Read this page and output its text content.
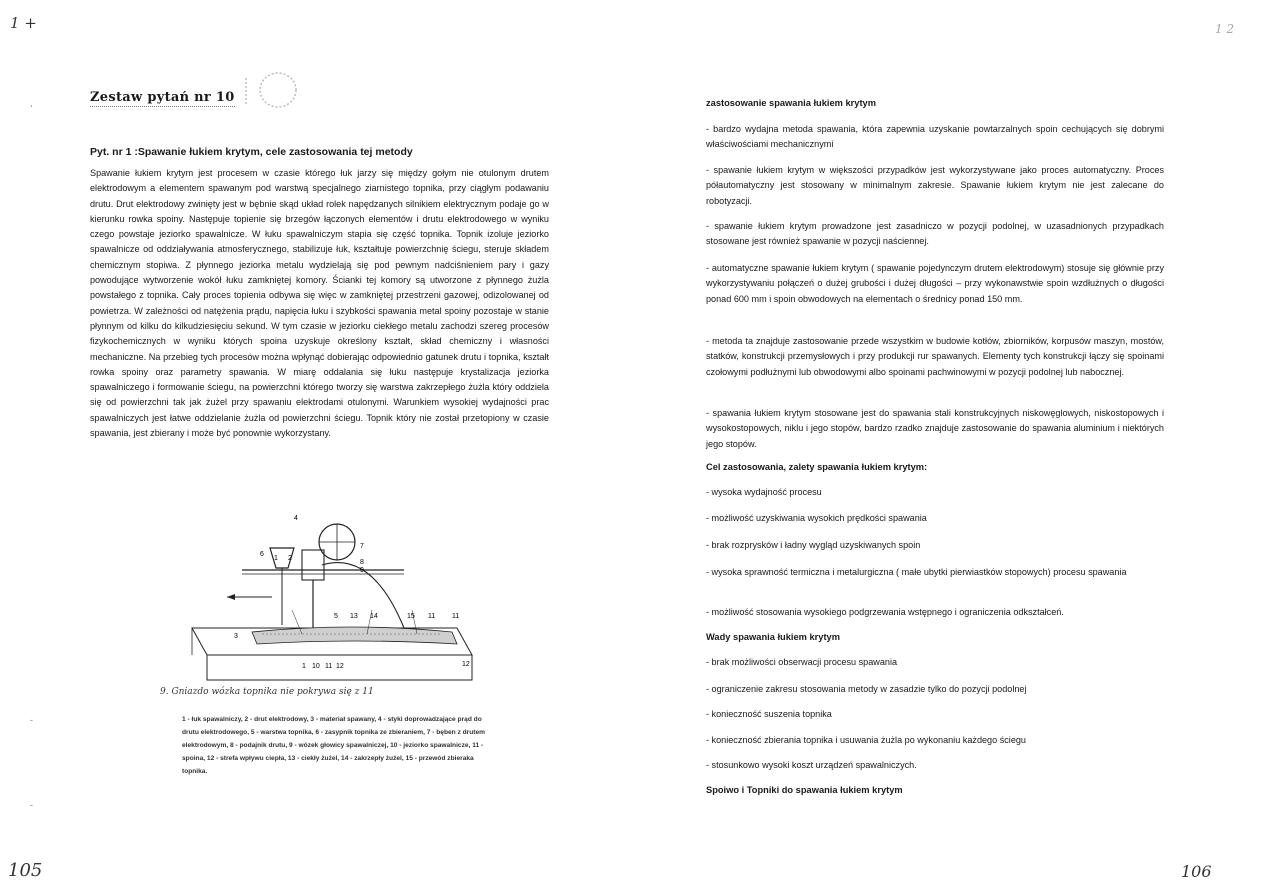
1 +
Zestaw pytań nr 10
Pyt. nr 1 :Spawanie łukiem krytym, cele zastosowania tej metody

Spawanie łukiem krytym jest procesem w czasie którego łuk jarzy się między gołym nie otulonym drutem elektrodowym a elementem spawanym pod warstwą specjalnego ziarnistego topnika, przy ciągłym podawaniu drutu. Drut elektrodowy zwinięty jest w bębnie skąd układ rolek napędzanych silnikiem elektrycznym podaje go w kierunku rowka spoiny. Następuje topienie się brzegów łączonych elementów i drutu elektrodowego w wyniku czego powstaje jeziorko spawalnicze. W łuku spawalniczym stapia się część topnika. Topnik izoluje jeziorko spawalnicze od oddziaływania atmosferycznego, stabilizuje łuk, kształtuje powierzchnię ściegu, steruje składem chemicznym stopiwa. Z płynnego jeziorka metalu wydzielają się pod pewnym nadciśnieniem pary i gazy powodujące wytworzenie wokół łuku zamkniętej komory. Ścianki tej komory są utworzone z płynnego żużla powstałego z topnika. Cały proces topienia odbywa się więc w zamkniętej przestrzeni gazowej, odizolowanej od powietrza. W zależności od natężenia prądu, napięcia łuku i szybkości spawania metal spoiny pozostaje w stanie płynnym od kilku do kilkudziesięciu sekund. W tym czasie w jeziorku ciekłego metalu zachodzi szereg procesów fizykochemicznych w wyniku których spoina uzyskuje określony kształt, skład chemiczny i własności mechaniczne. Na przebieg tych procesów można wpłynąć dobierając odpowiednio gatunek drutu i topnika, kształt rowka spoiny oraz parametry spawania. W miarę oddalania się łuku następuje krystalizacja jeziorka spawalniczego i formowanie ściegu, na powierzchni którego tworzy się warstwa zakrzepłego żużla który oddziela się od powierzchni tak jak żużel przy spawaniu elektrodami otulonymi. Warunkiem wysokiej wydajności prac spawalniczych jest łatwe oddzielanie żużla od powierzchni ściegu. Topnik który nie został przetopiony w czasie spawania, jest zbierany i może być ponownie wykorzystany.

6
1 2
7
8
9
5 13 14	15 11 11
3
1 10 11 12	12
4
9. Gniazdo wózka topnika nie pokrywa się z 11

1 - łuk spawalniczy, 2 - drut elektrodowy, 3 - materiał spawany, 4 - styki doprowadzające prąd do drutu elektrodowego, 5 - warstwa topnika, 6 - zasypnik topnika ze zbieraniem, 7 - bęben z drutem elektrodowym, 8 - podajnik drutu, 9 - wózek głowicy spawalniczej, 10 - jeziorko spawalnicze, 11 - spoina, 12 - strefa wpływu ciepła, 13 - ciekły żużel, 14 - zakrzepły żużel, 15 - przewód zbieraka topnika.

,
-
-
105
1 2
zastosowanie spawania łukiem krytym

- bardzo wydajna metoda spawania, która zapewnia uzyskanie powtarzalnych spoin cechujących się dobrymi właściwościami mechanicznymi

- spawanie łukiem krytym w większości przypadków jest wykorzystywane jako proces automatyczny. Proces półautomatyczny jest stosowany w minimalnym zakresie. Spawanie łukiem krytym nie jest zalecane do robotyzacji.

- spawanie łukiem krytym prowadzone jest zasadniczo w pozycji podolnej, w uzasadnionych przypadkach stosowane jest również spawanie w pozycji naściennej.

- automatyczne spawanie łukiem krytym ( spawanie pojedynczym drutem elektrodowym) stosuje się głównie przy wykorzystywaniu połączeń o dużej grubości i dużej długości – przy wykonawstwie spoin wzdłużnych o długości ponad 600 mm i spoin obwodowych na elementach o średnicy ponad 150 mm.

- metoda ta znajduje zastosowanie przede wszystkim w budowie kotłów, zbiorników, korpusów maszyn, mostów, statków, konstrukcji przemysłowych i przy produkcji rur spawanych. Elementy tych konstrukcji łączy się spoinami czołowymi podłużnymi lub obwodowymi albo spoinami pachwinowymi w pozycji podolnej lub nabocznej.

- spawania łukiem krytym stosowane jest do spawania stali konstrukcyjnych niskowęglowych, niskostopowych i wysokostopowych, niklu i jego stopów, bardzo rzadko znajduje zastosowanie do spawania aluminium i niektórych jego stopów.

Cel zastosowania, zalety spawania łukiem krytym:
- wysoka wydajność procesu
- możliwość uzyskiwania wysokich prędkości spawania
- brak rozprysków i ładny wygląd uzyskiwanych spoin

- wysoka sprawność termiczna i metalurgiczna ( małe ubytki pierwiastków stopowych) procesu spawania

- możliwość stosowania wysokiego podgrzewania wstępnego i ograniczenia odkształceń.
Wady spawania łukiem krytym
- brak możliwości obserwacji procesu spawania
- ograniczenie zakresu stosowania metody w zasadzie tylko do pozycji podolnej
- konieczność suszenia topnika
- konieczność zbierania topnika i usuwania żużla po wykonaniu każdego ściegu
- stosunkowo wysoki koszt urządzeń spawalniczych.
Spoiwo i Topniki do spawania łukiem krytym
106
